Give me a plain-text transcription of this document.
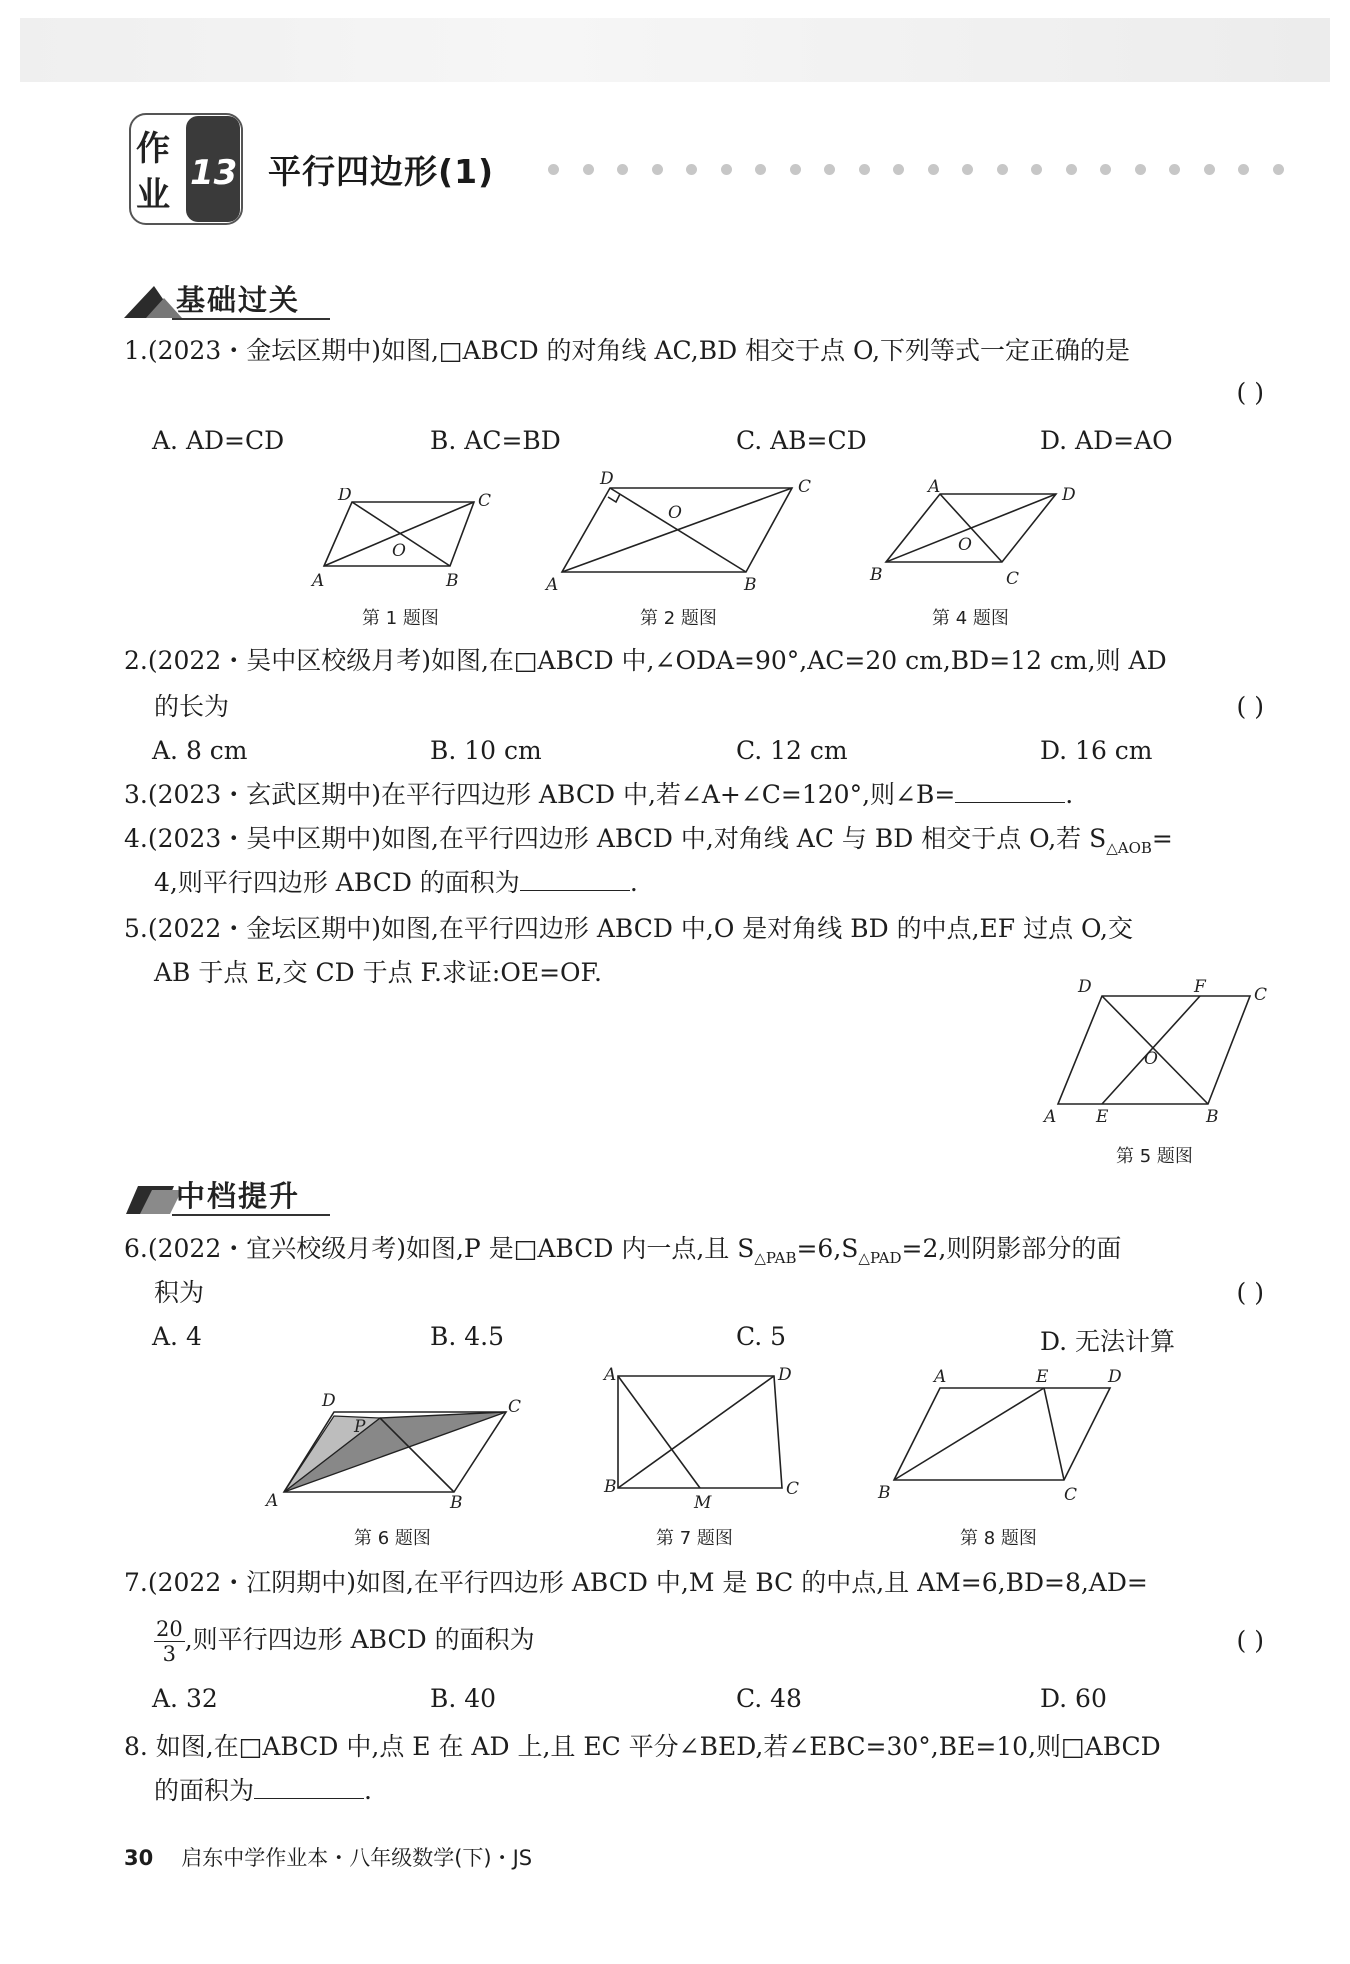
作
业
13 平行四边形(1)
基础过关
1.(2023・金坛区期中)如图,□ABCD 的对角线 AC,BD 相交于点 O,下列等式一定正确的是
( )
A. AD=CD	B. AC=BD	C. AB=CD	D. AD=AO
A	B
C
D
O
第 1 题图
A	B
C
D
O
第 2 题图
B	C
D
A
O
第 4 题图
2.(2022・吴中区校级月考)如图,在□ABCD 中,∠ODA=90°,AC=20 cm,BD=12 cm,则 AD
的长为	( )
A. 8 cm	B. 10 cm	C. 12 cm	D. 16 cm
3.(2023・玄武区期中)在平行四边形 ABCD 中,若∠A+∠C=120°,则∠B=	.
4.(2023・吴中区期中)如图,在平行四边形 ABCD 中,对角线 AC 与 BD 相交于点 O,若 $S_{\triangle AOB}=$
4,则平行四边形 ABCD 的面积为	.
5.(2022・金坛区期中)如图,在平行四边形 ABCD 中,O 是对角线 BD 的中点,EF 过点 O,交
AB 于点 E,交 CD 于点 F.求证:OE=OF.
A E	B
C
D	F
O
第 5 题图
中档提升
6.(2022・宜兴校级月考)如图,P 是□ABCD 内一点,且 $S_{\triangle PAB}=6,S_{\triangle PAD}=2$,则阴影部分的面
积为	( )
A. 4	B. 4.5	C. 5	D. 无法计算
A	B
C
D
P
第 6 题图
A	D
B	C
M
第 7 题图
B	C
A	E	D
第 8 题图
7.(2022・江阴期中)如图,在平行四边形 ABCD 中,M 是 BC 的中点,且 AM=6,BD=8,AD=
$\frac{20}{3}$ ,则平行四边形 ABCD 的面积为	( )
A. 32	B. 40	C. 48	D. 60
8. 如图,在□ABCD 中,点 E 在 AD 上,且 EC 平分∠BED,若∠EBC=30°,BE=10,则□ABCD
的面积为	.
30 启东中学作业本・八年级数学(下)・JS
